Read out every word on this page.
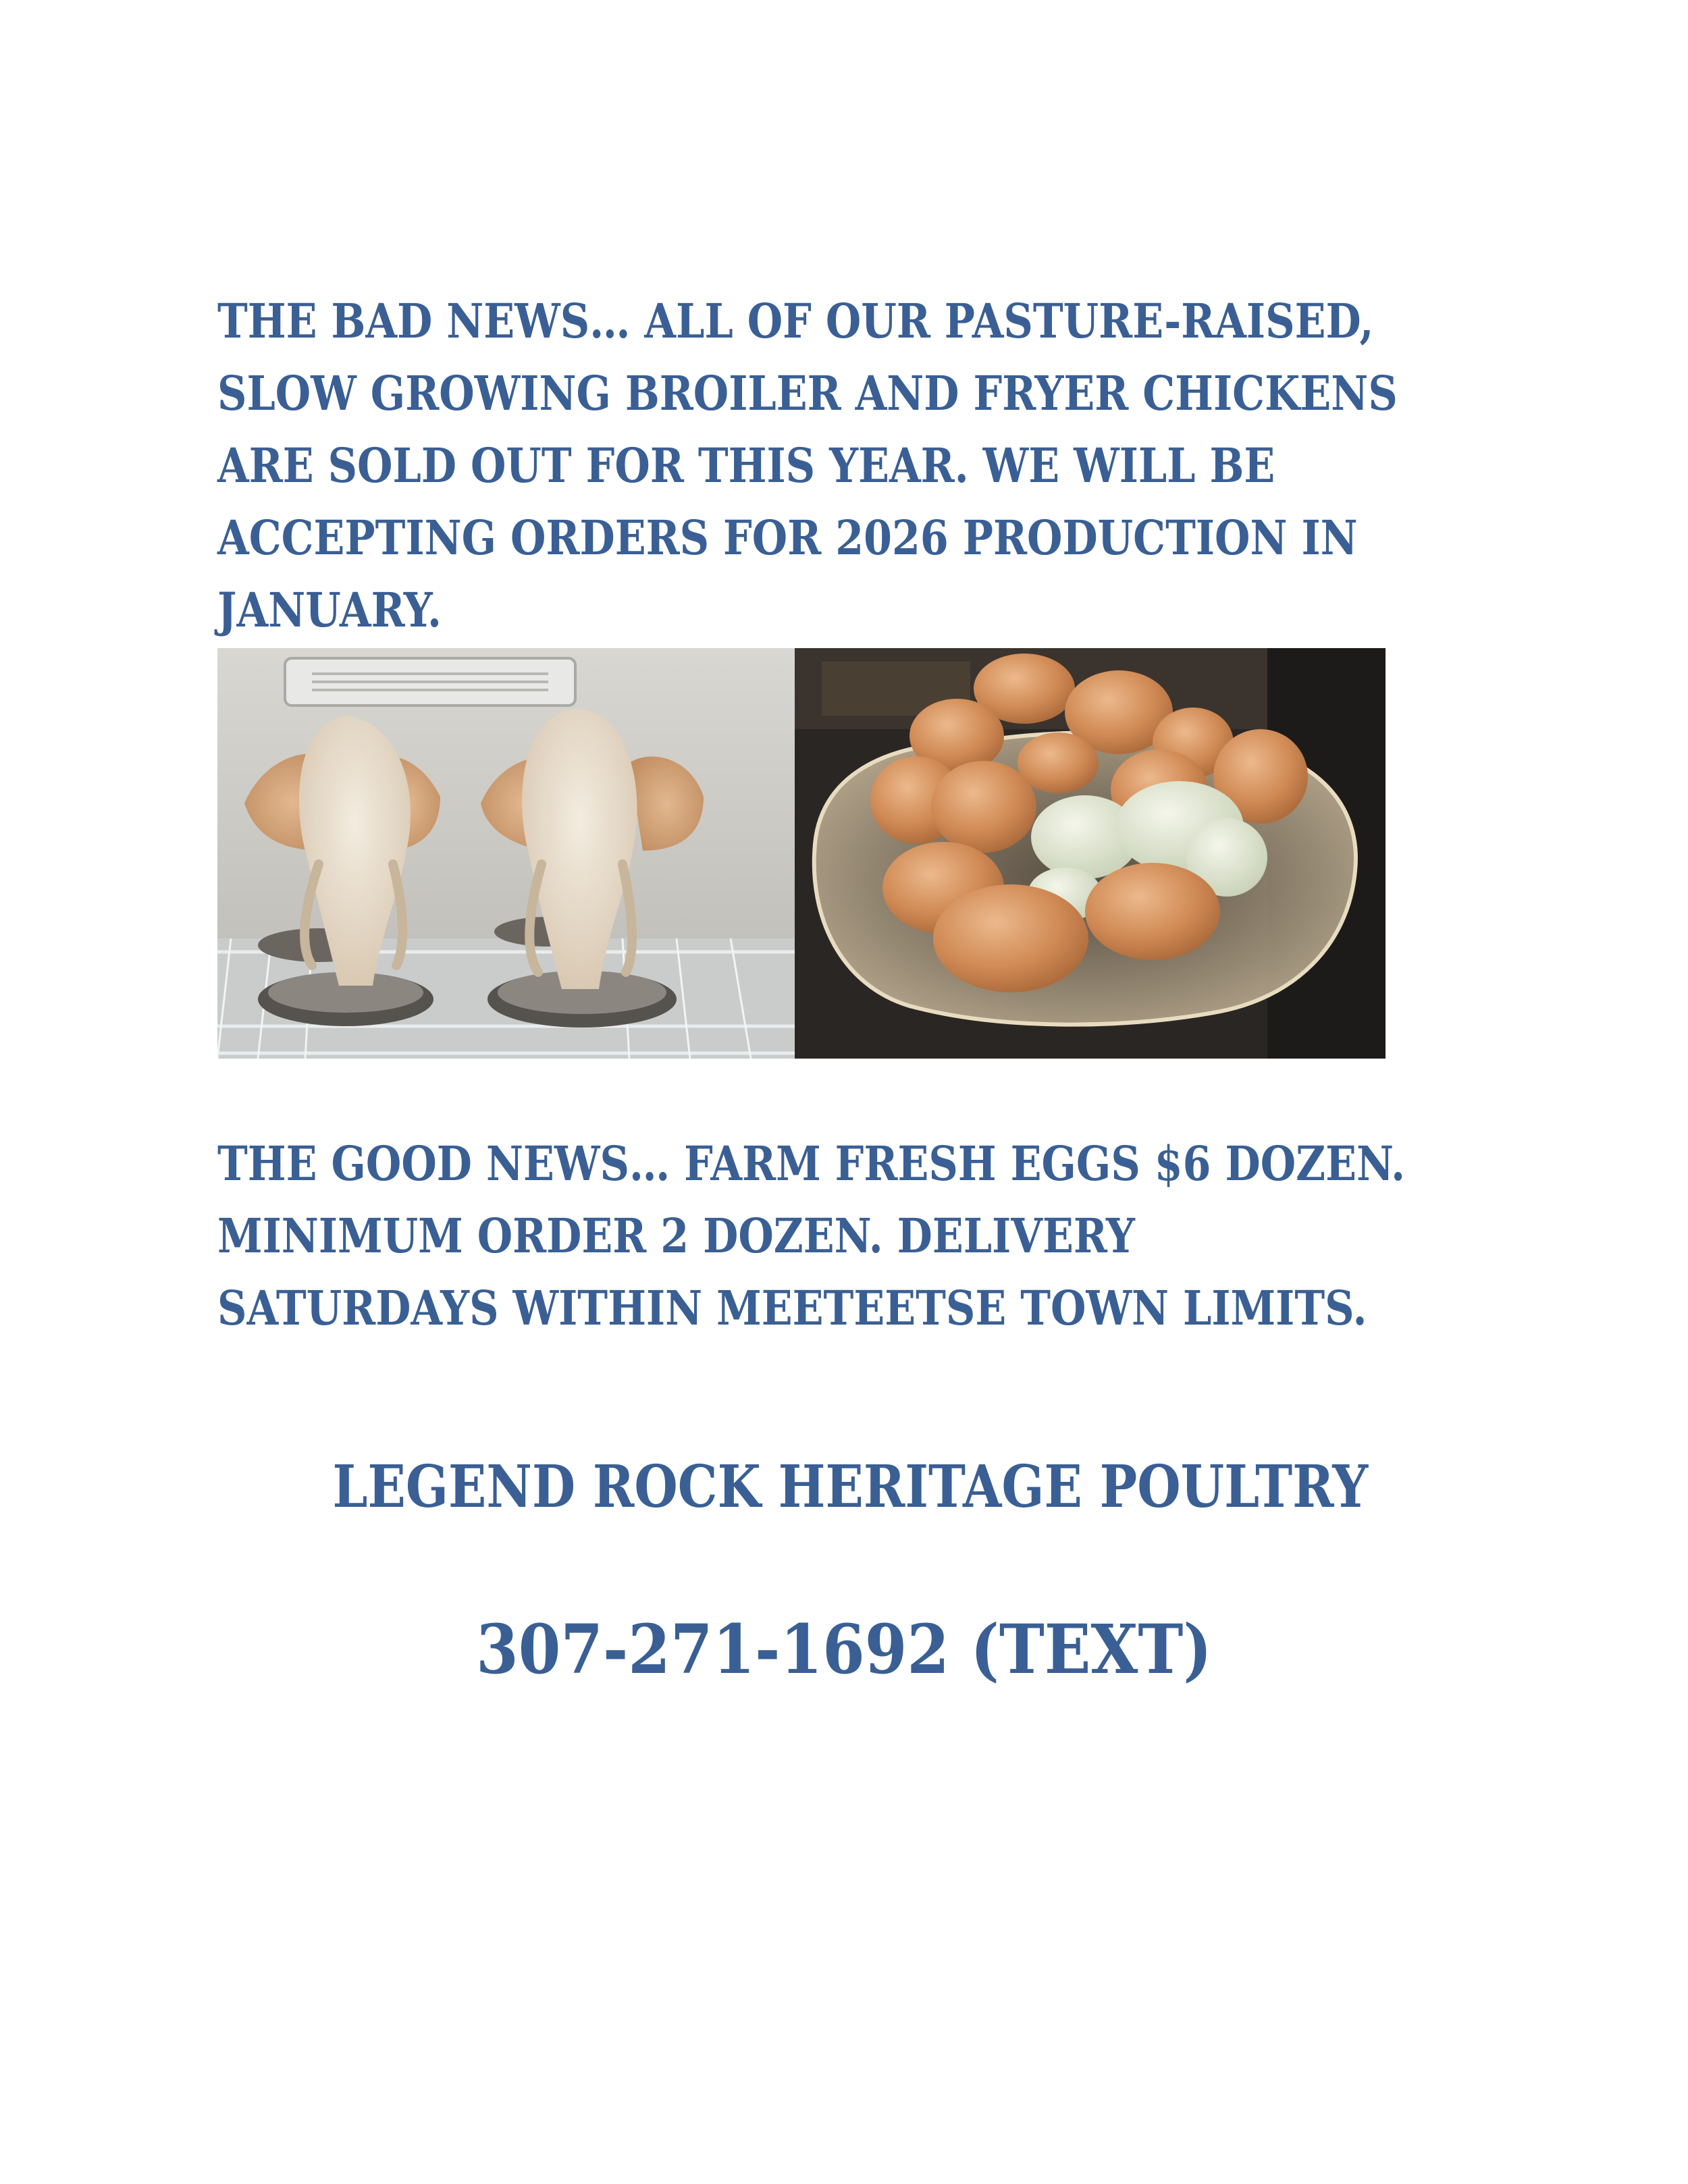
THE BAD NEWS… ALL OF OUR PASTURE-RAISED,
SLOW GROWING BROILER AND FRYER CHICKENS
ARE SOLD OUT FOR THIS YEAR. WE WILL BE
ACCEPTING ORDERS FOR 2026 PRODUCTION IN
JANUARY.

THE GOOD NEWS… FARM FRESH EGGS $6 DOZEN.
MINIMUM ORDER 2 DOZEN. DELIVERY
SATURDAYS WITHIN MEETEETSE TOWN LIMITS.

LEGEND ROCK HERITAGE POULTRY

307-271-1692 (TEXT)
